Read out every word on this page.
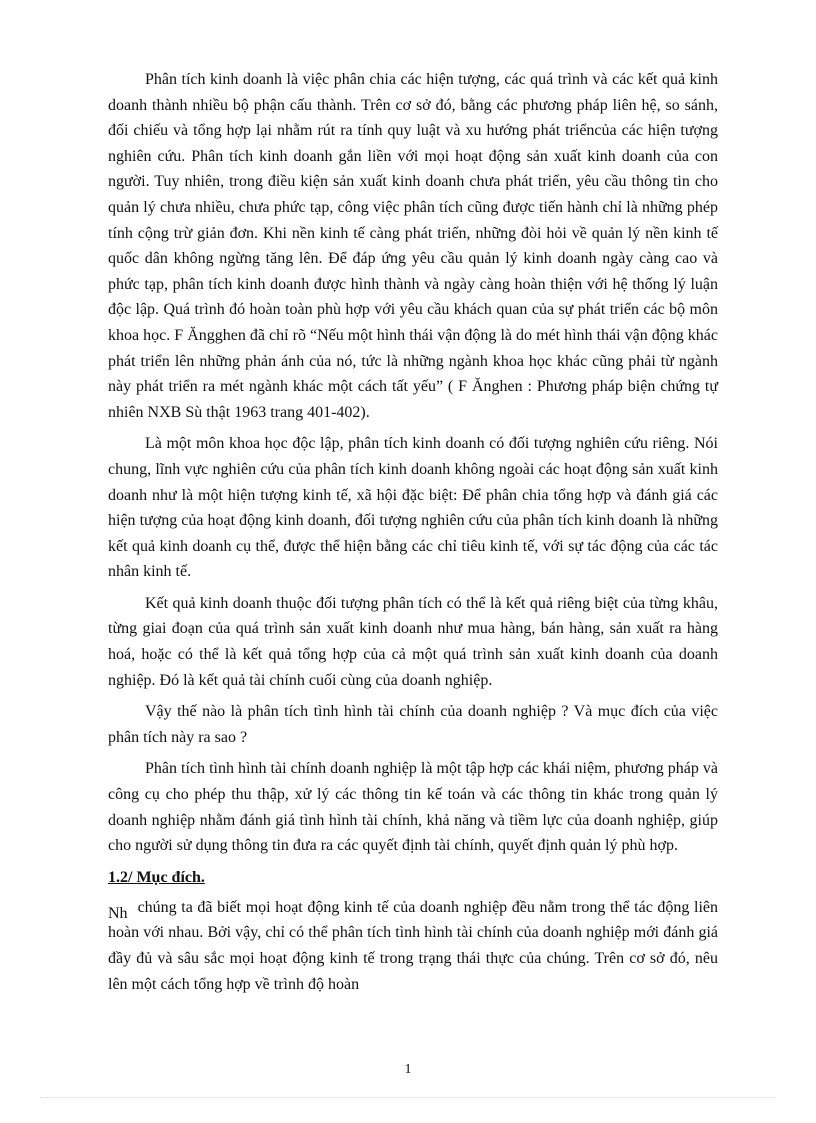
Phân tích kinh doanh là việc phân chia các hiện tượng, các quá trình và các kết quả kinh doanh thành nhiều bộ phận cấu thành. Trên cơ sở đó, bằng các phương pháp liên hệ, so sánh, đối chiếu và tổng hợp lại nhằm rút ra tính quy luật và xu hướng phát triểncủa các hiện tượng nghiên cứu. Phân tích kinh doanh gắn liền với mọi hoạt động sản xuất kinh doanh của con người. Tuy nhiên, trong điều kiện sản xuất kinh doanh chưa phát triển, yêu cầu thông tin cho quản lý chưa nhiều, chưa phức tạp, công việc phân tích cũng được tiến hành chỉ là những phép tính cộng trừ giản đơn. Khi nền kinh tế càng phát triển, những đòi hỏi về quản lý nền kinh tế quốc dân không ngừng tăng lên. Để đáp ứng yêu cầu quản lý kinh doanh ngày càng cao và phức tạp, phân tích kinh doanh được hình thành và ngày càng hoàn thiện với hệ thống lý luận độc lập. Quá trình đó hoàn toàn phù hợp với yêu cầu khách quan của sự phát triển các bộ môn khoa học. F Ăngghen đã chỉ rõ “Nếu một hình thái vận động là do mét hình thái vận động khác phát triển lên những phản ánh của nó, tức là những ngành khoa học khác cũng phải từ ngành này phát triển ra mét ngành khác một cách tất yếu” ( F Ănghen : Phương pháp biện chứng tự nhiên NXB Sù thật 1963 trang 401-402).

Là một môn khoa học độc lập, phân tích kinh doanh có đối tượng nghiên cứu riêng. Nói chung, lĩnh vực nghiên cứu của phân tích kinh doanh không ngoài các hoạt động sản xuất kinh doanh như là một hiện tượng kinh tế, xã hội đặc biệt: Để phân chia tổng hợp và đánh giá các hiện tượng của hoạt động kinh doanh, đối tượng nghiên cứu của phân tích kinh doanh là những kết quả kinh doanh cụ thể, được thể hiện bằng các chỉ tiêu kinh tế, với sự tác động của các tác nhân kinh tế.

Kết quả kinh doanh thuộc đối tượng phân tích có thể là kết quả riêng biệt của từng khâu, từng giai đoạn của quá trình sản xuất kinh doanh như mua hàng, bán hàng, sản xuất ra hàng hoá, hoặc có thể là kết quả tổng hợp của cả một quá trình sản xuất kinh doanh của doanh nghiệp. Đó là kết quả tài chính cuối cùng của doanh nghiệp.

Vậy thế nào là phân tích tình hình tài chính của doanh nghiệp ? Và mục đích của việc phân tích này ra sao ?

Phân tích tình hình tài chính doanh nghiệp là một tập hợp các khái niệm, phương pháp và công cụ cho phép thu thập, xử lý các thông tin kế toán và các thông tin khác trong quản lý doanh nghiệp nhằm đánh giá tình hình tài chính, khả năng và tiềm lực của doanh nghiệp, giúp cho người sử dụng thông tin đưa ra các quyết định tài chính, quyết định quản lý phù hợp.

1.2/ Mục đích.

Nh chúng ta đã biết mọi hoạt động kinh tế của doanh nghiệp đều nằm trong thể tác động liên hoàn với nhau. Bởi vậy, chỉ có thể phân tích tình hình tài chính của doanh nghiệp mới đánh giá đầy đủ và sâu sắc mọi hoạt động kinh tế trong trạng thái thực của chúng. Trên cơ sở đó, nêu lên một cách tổng hợp về trình độ hoàn

1
